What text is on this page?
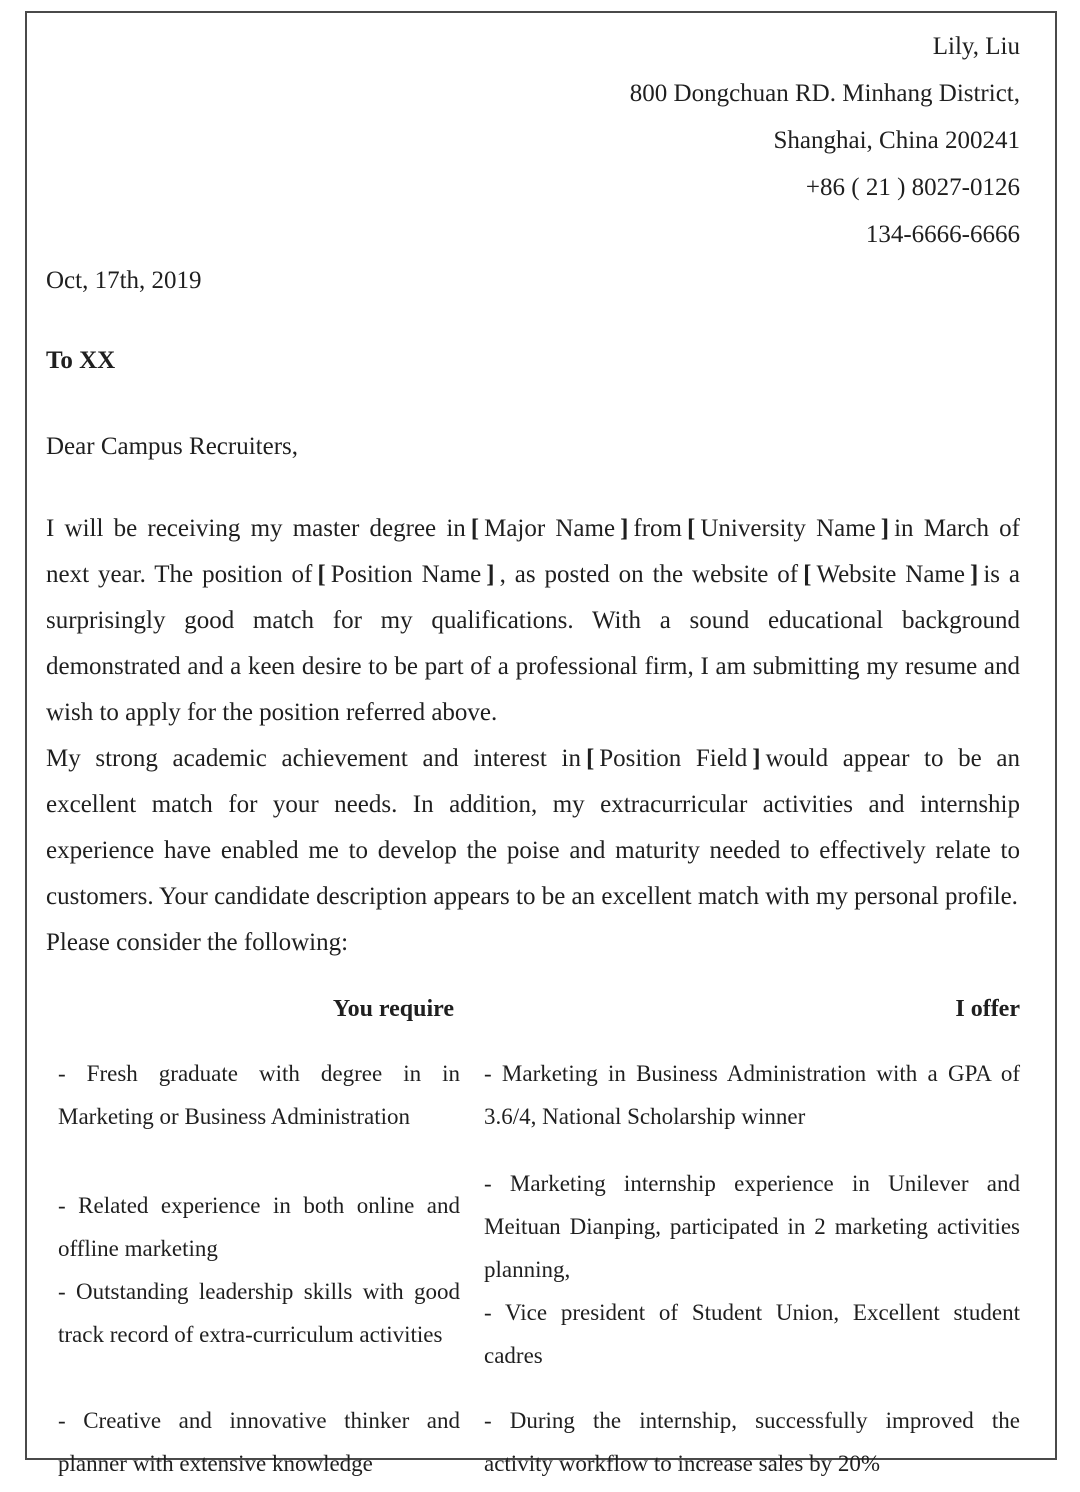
Lily, Liu
800 Dongchuan RD. Minhang District,
Shanghai, China 200241
+86 ( 21 ) 8027-0126
134-6666-6666
Oct, 17th, 2019
To XX
Dear Campus Recruiters,

I will be receiving my master degree in [ Major Name ] from [ University Name ] in March of next year. The position of [ Position Name ] , as posted on the website of [ Website Name ] is a surprisingly good match for my qualifications. With a sound educational background demonstrated and a keen desire to be part of a professional firm, I am submitting my resume and wish to apply for the position referred above.

My strong academic achievement and interest in [ Position Field ] would appear to be an excellent match for your needs. In addition, my extracurricular activities and internship experience have enabled me to develop the poise and maturity needed to effectively relate to customers. Your candidate description appears to be an excellent match with my personal profile.

Please consider the following:

You require	I offer

- Fresh graduate with degree in in Marketing or Business Administration

- Marketing in Business Administration with a GPA of 3.6/4, National Scholarship winner

- Related experience in both online and offline marketing

- Outstanding leadership skills with good track record of extra-curriculum activities

- Marketing internship experience in Unilever and Meituan Dianping, participated in 2 marketing activities planning,

- Vice president of Student Union, Excellent student cadres

- Creative and innovative thinker and planner with extensive knowledge

- During the internship, successfully improved the activity workflow to increase sales by 20%
